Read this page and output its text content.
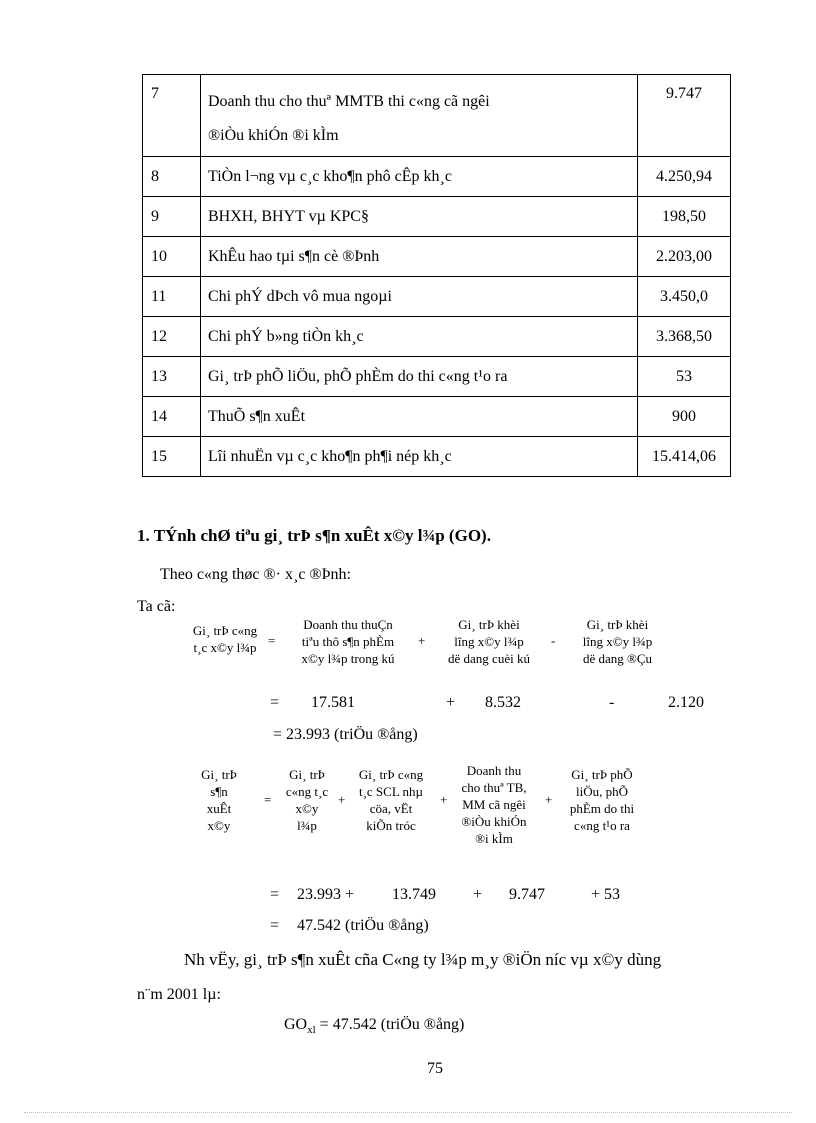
7	Doanh thu cho thuª MMTB thi c«ng cã ngêi
®iÒu khiÓn ®i kÌm	9.747
8	TiÒn l¬ng vµ c¸c kho¶n phô cÊp kh¸c	4.250,94
9	BHXH, BHYT vµ KPC§	198,50
10	KhÊu hao tµi s¶n cè ®Þnh	2.203,00
11	Chi phÝ dÞch vô mua ngoµi	3.450,0
12	Chi phÝ b»ng tiÒn kh¸c	3.368,50
13	Gi¸ trÞ phÕ liÖu, phÕ phÈm do thi c«ng t¹o ra	53
14	ThuÕ s¶n xuÊt	900
15	Lîi nhuËn vµ c¸c kho¶n ph¶i nép kh¸c	15.414,06
1. TÝnh chØ tiªu gi¸ trÞ s¶n xuÊt x©y l¾p (GO).
Theo c«ng thøc ®· x¸c ®Þnh:
Ta cã:
Gi¸ trÞ c«ng t¸c x©y l¾p =
Doanh thu thuÇn
tiªu thô s¶n phÈm
x©y l¾p trong kú
+
Gi¸ trÞ khèi
lîng x©y l¾p
dë dang cuèi kú
-
Gi¸ trÞ khèi
lîng x©y l¾p
dë dang ®Çu
= 17.581	+ 8.532	-	2.120
= 23.993 (triÖu ®ång)
Gi¸ trÞ
s¶n
xuÊt
x©y
=
Gi¸ trÞ
c«ng t¸c
x©y
l¾p
+
Gi¸ trÞ c«ng
t¸c SCL nhµ
cöa, vËt
kiÕn tróc
+
Doanh thu
cho thuª TB,
MM cã ngêi
®iÒu khiÓn
®i kÌm
+
Gi¸ trÞ phÕ
liÖu, phÕ
phÈm do thi
c«ng t¹o ra
= 23.993 + 13.749 + 9.747	+ 53
= 47.542 (triÖu ®ång)
Nh vËy, gi¸ trÞ s¶n xuÊt cña C«ng ty l¾p m¸y ®iÖn níc vµ x©y dùng
n¨m 2001 lµ:
$GO_{xl} = 47.542$ (triÖu ®ång)
75
